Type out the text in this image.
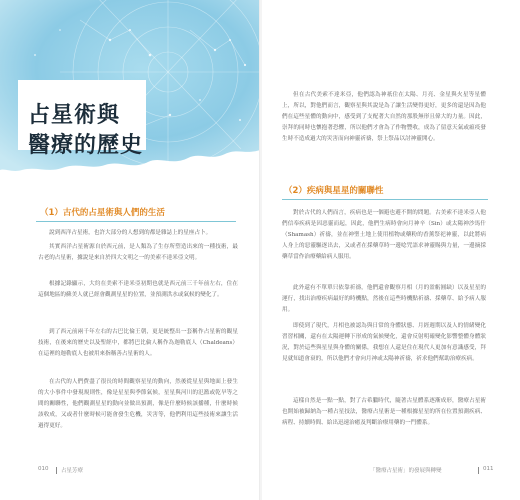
占星術與
醫療的歷史
（1）古代的占星術與人們的生活

說到西洋占星術，也許大部分的人想到的都是雜誌上的星座占卜。

其實西洋占星術源自於西元前，是人類為了生存所塑造出來的一種技術，最古老的占星術，據說是來自於四大文明之一的美索不達米亞文明。

根據記錄顯示，大約在美索不達米亞初期也就是西元前三千年前左右，住在這個地區的蘇美人就已經會觀測星星的位置，並預測洪水或氣候的變化了。

到了西元前兩千年左右的古巴比倫王朝，更是統整出一套稱作占星術的觀星技術，在後來的歷史以及聖經中，都將巴比倫人稱作為迦勒底人（Chaldeans）在這裡的迦勒底人也被用來指稱善占星術的人。

在古代的人們費盡了很長的時間觀察星星的動向，然後從星星與地面上發生的大小事件中發現規則性，像是星星與季節氣候，星星與河川的氾濫或乾旱等之間的關聯性，他們觀測星星的動向並做出預測，像是什麼時候該播種，什麼時候該收成，又或者什麼時候可能會發生危機，災害等，他們利用這些技術來讓生活過得更好。

010 占星芳療

但在古代美索不達米亞，他們認為神祇住在太陽、月亮、金星與火星等星體上，所以，對他們而言，觀察星與其說是為了讓生活變得更好，更多的還是因為他們在這些星體的動向中，感受到了支配著大自然的那股無形且偉大的力量。因此，崇拜的同時也懷抱著恐懼，所以他們才會為了作物豐收，成為了留意天氣或瘟疫發生時不造成過大的災害而向神靈祈禱，祭上祭品以討神靈開心。

（2）疾病與星星的關聯性

對於古代的人們而言，疾病也是一個避也避不開的問題。古美索不達米亞人他們信奉疾病是因惡靈而起，因此，他們生病時會向月神辛（Sin）或太陽神沙馬什（Shamash）祈禱，並在神聖土地上使用植物或藥粉的香薰祭祀神靈，以此將病人身上的惡靈驅逐出去，又或者在採藥草時一邊唸咒語求神靈賜與力量，一邊摘採藥草當作治療藥給病人服用。

此外還有不單單只依靠祈禱，他們還會觀察月相（月的盈虧圓缺）以及星星的運行，找出治療疾病最好的時機點，然後在這些時機點祈禱、採藥草、給予病人服用。

即使到了現代，月相也被認為與日常的身體狀態、月經週期以及人的情緒變化習習相關，還有在太陽運轉下形成的氣候變化，還會反射明確變化影響整體身體狀況，對於這些與星星與身體的關係，我想在人還是住在現代人更加有意識感受，拜見就知道會衰的，所以他們才會向月神或太陽神祈禱，祈求他們幫助治療疾病。

這樣自然是一點一點，對了古希臘時代，隨著古星體系逐漸成形，醫療占星術也開始被歸納為一種占星技法，醫療占星術是一種根據星星的所在位置預測疾病、病程、持續時間、給出迅速治癒及判斷治療用藥的一門體系。

「醫療占星術」的發展與轉變	011
